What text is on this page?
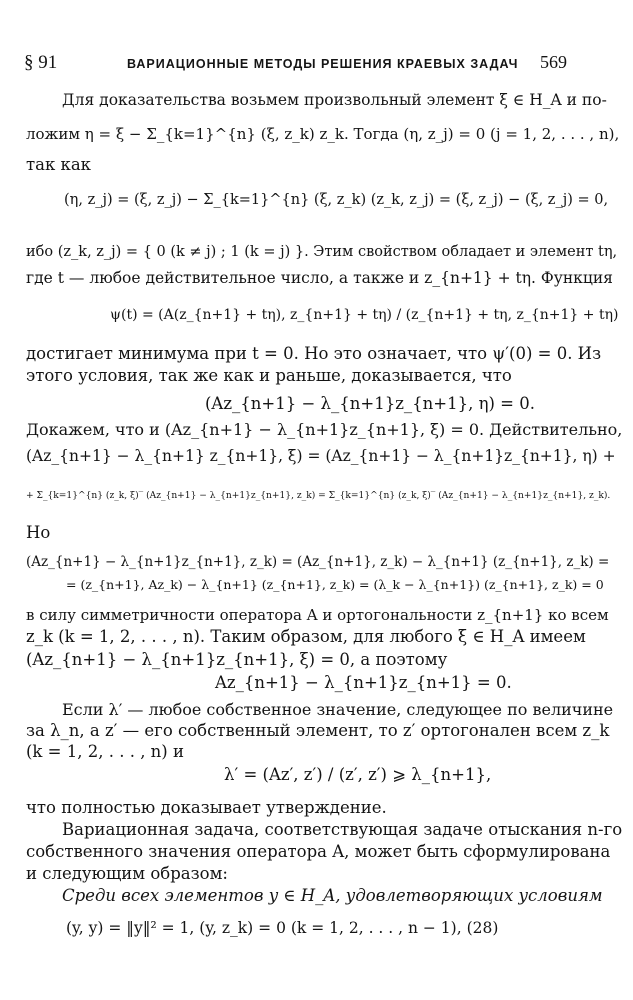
§ 91	ВАРИАЦИОННЫЕ МЕТОДЫ РЕШЕНИЯ КРАЕВЫХ ЗАДАЧ 569
Для доказательства возьмем произвольный элемент ξ ∈ H_A и по-
ложим η = ξ − Σ_{k=1}^{n} (ξ, z_k) z_k. Тогда (η, z_j) = 0 (j = 1, 2, . . . , n),
так как
(η, z_j) = (ξ, z_j) − Σ_{k=1}^{n} (ξ, z_k) (z_k, z_j) = (ξ, z_j) − (ξ, z_j) = 0,
ибо (z_k, z_j) = { 0 (k ≠ j) ; 1 (k = j) }. Этим свойством обладает и элемент tη,
где t — любое действительное число, а также и z_{n+1} + tη. Функция
ψ(t) = (A(z_{n+1} + tη), z_{n+1} + tη) / (z_{n+1} + tη, z_{n+1} + tη)
достигает минимума при t = 0. Но это означает, что ψ′(0) = 0. Из
этого условия, так же как и раньше, доказывается, что
(Az_{n+1} − λ_{n+1}z_{n+1}, η) = 0.
Докажем, что и (Az_{n+1} − λ_{n+1}z_{n+1}, ξ) = 0. Действительно,
(Az_{n+1} − λ_{n+1} z_{n+1}, ξ) = (Az_{n+1} − λ_{n+1}z_{n+1}, η) +
+ Σ_{k=1}^{n} (z_k, ξ)‾ (Az_{n+1} − λ_{n+1}z_{n+1}, z_k) = Σ_{k=1}^{n} (z_k, ξ)‾ (Az_{n+1} − λ_{n+1}z_{n+1}, z_k).
Но
(Az_{n+1} − λ_{n+1}z_{n+1}, z_k) = (Az_{n+1}, z_k) − λ_{n+1} (z_{n+1}, z_k) =
= (z_{n+1}, Az_k) − λ_{n+1} (z_{n+1}, z_k) = (λ_k − λ_{n+1}) (z_{n+1}, z_k) = 0
в силу симметричности оператора A и ортогональности z_{n+1} ко всем
z_k (k = 1, 2, . . . , n). Таким образом, для любого ξ ∈ H_A имеем
(Az_{n+1} − λ_{n+1}z_{n+1}, ξ) = 0, а поэтому
Az_{n+1} − λ_{n+1}z_{n+1} = 0.
Если λ′ — любое собственное значение, следующее по величине
за λ_n, а z′ — его собственный элемент, то z′ ортогонален всем z_k
(k = 1, 2, . . . , n) и
λ′ = (Az′, z′) / (z′, z′) ⩾ λ_{n+1},
что полностью доказывает утверждение.
Вариационная задача, соответствующая задаче отыскания n-го
собственного значения оператора A, может быть сформулирована
и следующим образом:
Среди всех элементов y ∈ H_A, удовлетворяющих условиям
(y, y) = ‖y‖² = 1, (y, z_k) = 0 (k = 1, 2, . . . , n − 1), (28)
